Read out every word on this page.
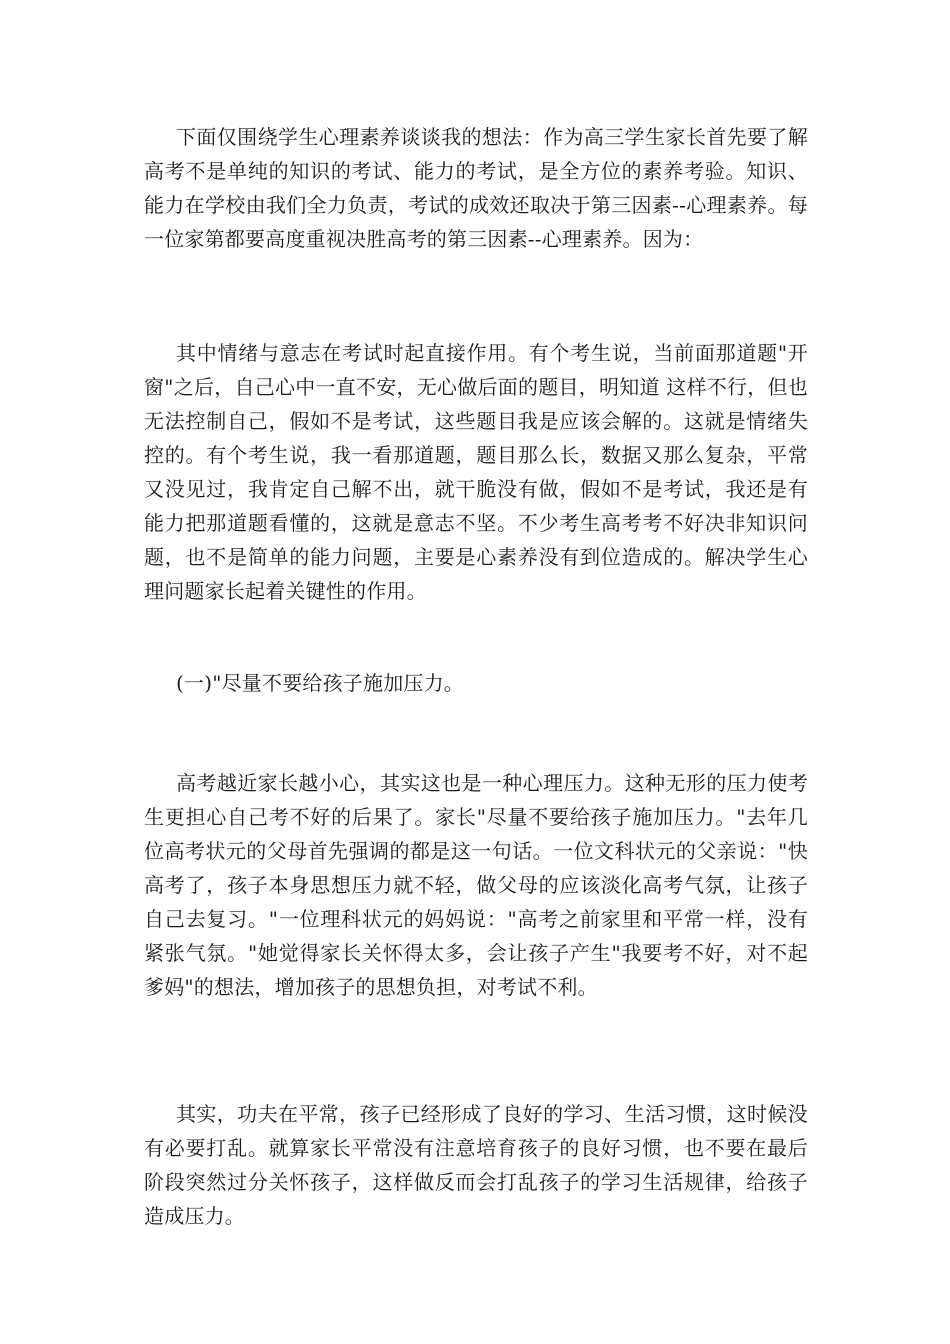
下面仅围绕学生心理素养谈谈我的想法：作为高三学生家长首先要了解高考不是单纯的知识的考试、能力的考试，是全方位的素养考验。知识、能力在学校由我们全力负责，考试的成效还取决于第三因素--心理素养。每一位家第都要高度重视决胜高考的第三因素--心理素养。因为：

其中情绪与意志在考试时起直接作用。有个考生说，当前面那道题"开窗"之后，自己心中一直不安，无心做后面的题目，明知道 这样不行，但也无法控制自己，假如不是考试，这些题目我是应该会解的。这就是情绪失控的。有个考生说，我一看那道题，题目那么长，数据又那么复杂，平常又没见过，我肯定自己解不出，就干脆没有做，假如不是考试，我还是有能力把那道题看懂的，这就是意志不坚。不少考生高考考不好决非知识问题，也不是简单的能力问题，主要是心素养没有到位造成的。解决学生心理问题家长起着关键性的作用。

(一)"尽量不要给孩子施加压力。

高考越近家长越小心，其实这也是一种心理压力。这种无形的压力使考生更担心自己考不好的后果了。家长"尽量不要给孩子施加压力。"去年几位高考状元的父母首先强调的都是这一句话。一位文科状元的父亲说："快高考了，孩子本身思想压力就不轻，做父母的应该淡化高考气氛，让孩子自己去复习。"一位理科状元的妈妈说："高考之前家里和平常一样，没有紧张气氛。"她觉得家长关怀得太多，会让孩子产生"我要考不好，对不起爹妈"的想法，增加孩子的思想负担，对考试不利。

其实，功夫在平常，孩子已经形成了良好的学习、生活习惯，这时候没有必要打乱。就算家长平常没有注意培育孩子的良好习惯，也不要在最后阶段突然过分关怀孩子，这样做反而会打乱孩子的学习生活规律，给孩子造成压力。
